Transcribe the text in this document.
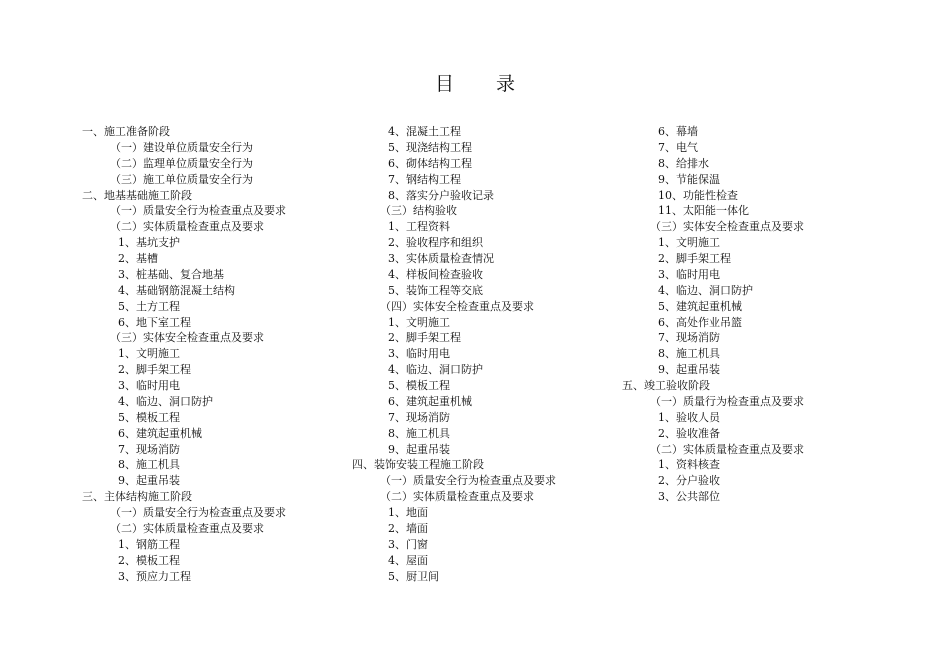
目录
一、施工准备阶段
（一）建设单位质量安全行为
（二）监理单位质量安全行为
（三）施工单位质量安全行为
二、地基基础施工阶段
（一）质量安全行为检查重点及要求
（二）实体质量检查重点及要求
1、基坑支护
2、基槽
3、桩基础、复合地基
4、基础钢筋混凝土结构
5、土方工程
6、地下室工程
（三）实体安全检查重点及要求
1、文明施工
2、脚手架工程
3、临时用电
4、临边、洞口防护
5、模板工程
6、建筑起重机械
7、现场消防
8、施工机具
9、起重吊装
三、主体结构施工阶段
（一）质量安全行为检查重点及要求
（二）实体质量检查重点及要求
1、钢筋工程
2、模板工程
3、预应力工程
4、混凝土工程
5、现浇结构工程
6、砌体结构工程
7、钢结构工程
8、落实分户验收记录
（三）结构验收
1、工程资料
2、验收程序和组织
3、实体质量检查情况
4、样板间检查验收
5、装饰工程等交底
（四）实体安全检查重点及要求
1、文明施工
2、脚手架工程
3、临时用电
4、临边、洞口防护
5、模板工程
6、建筑起重机械
7、现场消防
8、施工机具
9、起重吊装
四、装饰安装工程施工阶段
（一）质量安全行为检查重点及要求
（二）实体质量检查重点及要求
1、地面
2、墙面
3、门窗
4、屋面
5、厨卫间
6、幕墙
7、电气
8、给排水
9、节能保温
10、功能性检查
11、太阳能一体化
（三）实体安全检查重点及要求
1、文明施工
2、脚手架工程
3、临时用电
4、临边、洞口防护
5、建筑起重机械
6、高处作业吊篮
7、现场消防
8、施工机具
9、起重吊装
五、竣工验收阶段
（一）质量行为检查重点及要求
1、验收人员
2、验收准备
（二）实体质量检查重点及要求
1、资料核查
2、分户验收
3、公共部位
